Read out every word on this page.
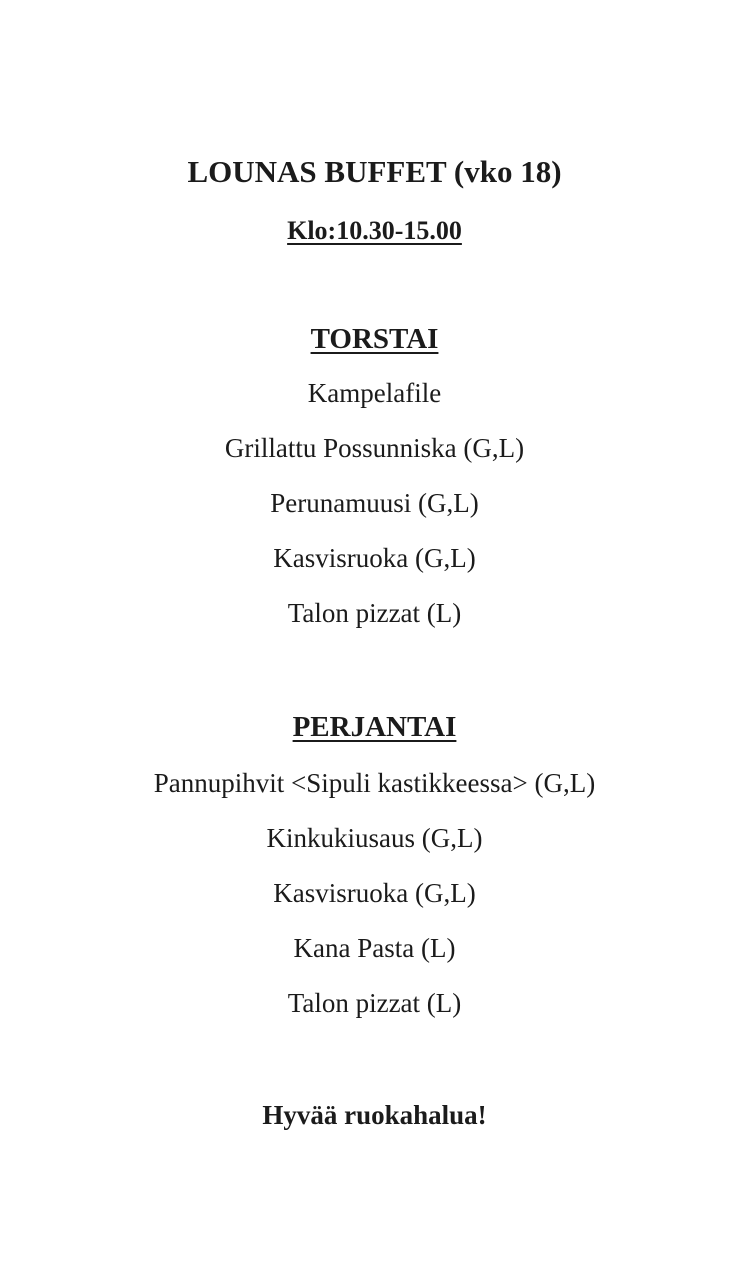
LOUNAS BUFFET (vko 18)
Klo:10.30-15.00
TORSTAI
Kampelafile
Grillattu Possunniska (G,L)
Perunamuusi (G,L)
Kasvisruoka (G,L)
Talon pizzat (L)
PERJANTAI
Pannupihvit <Sipuli kastikkeessa> (G,L)
Kinkukiusaus (G,L)
Kasvisruoka (G,L)
Kana Pasta (L)
Talon pizzat (L)
Hyvää ruokahalua!
